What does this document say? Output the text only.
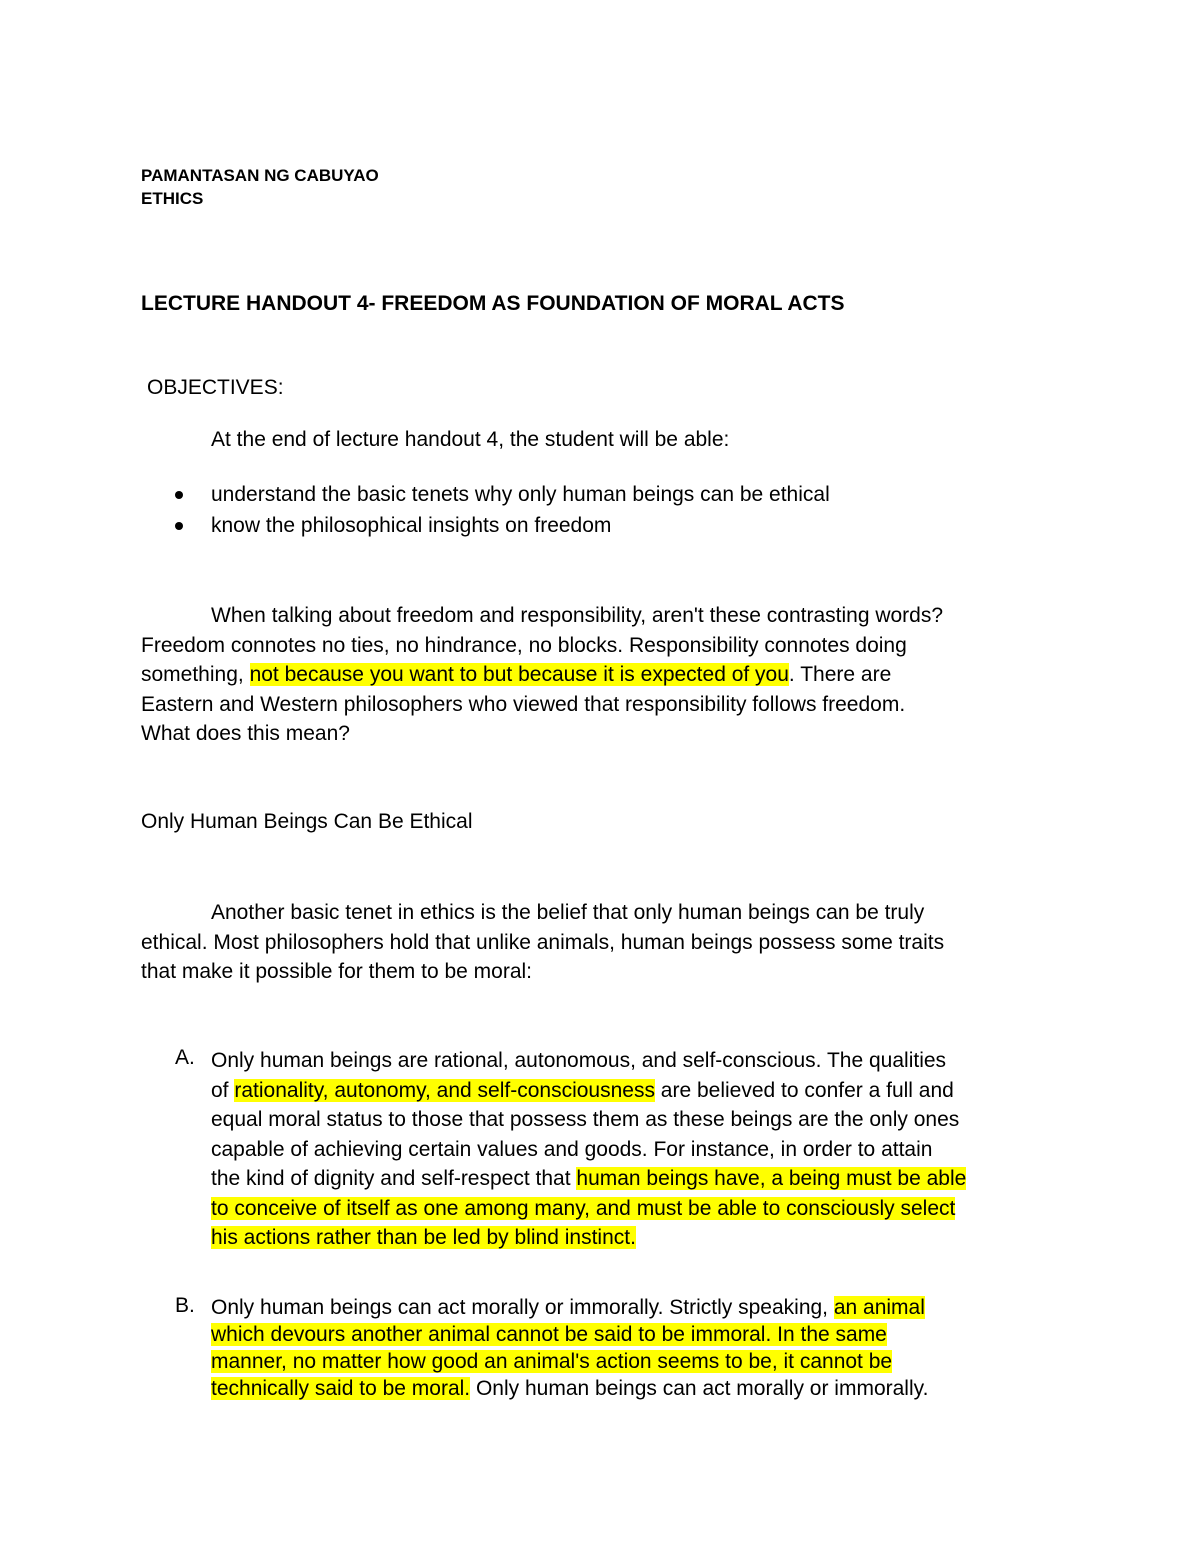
PAMANTASAN NG CABUYAO
ETHICS
LECTURE HANDOUT 4- FREEDOM AS FOUNDATION OF MORAL ACTS
OBJECTIVES:
At the end of lecture handout 4, the student will be able:
understand the basic tenets why only human beings can be ethical
know the philosophical insights on freedom

When talking about freedom and responsibility, aren't these contrasting words?

Freedom connotes no ties, no hindrance, no blocks. Responsibility connotes doing

something, not because you want to but because it is expected of you. There are

Eastern and Western philosophers who viewed that responsibility follows freedom.

What does this mean?

Only Human Beings Can Be Ethical

Another basic tenet in ethics is the belief that only human beings can be truly

ethical. Most philosophers hold that unlike animals, human beings possess some traits

that make it possible for them to be moral:

A. Only human beings are rational, autonomous, and self-conscious. The qualities
of rationality, autonomy, and self-consciousness are believed to confer a full and
equal moral status to those that possess them as these beings are the only ones
capable of achieving certain values and goods. For instance, in order to attain
the kind of dignity and self-respect that human beings have, a being must be able
to conceive of itself as one among many, and must be able to consciously select
his actions rather than be led by blind instinct.
B. Only human beings can act morally or immorally. Strictly speaking, an animal
which devours another animal cannot be said to be immoral. In the same
manner, no matter how good an animal's action seems to be, it cannot be
technically said to be moral. Only human beings can act morally or immorally.
